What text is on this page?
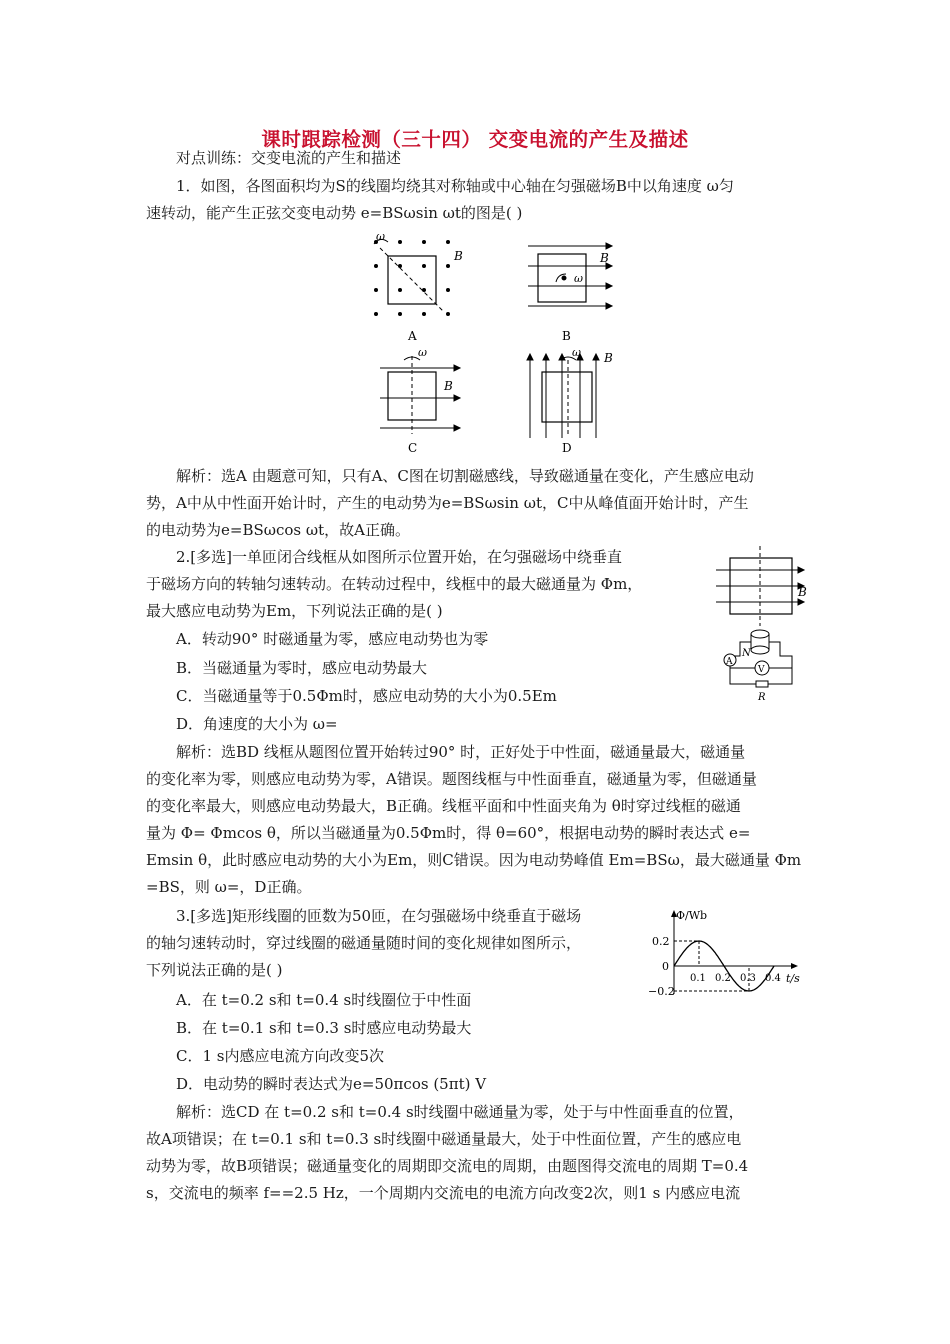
课时跟踪检测（三十四） 交变电流的产生及描述
对点训练：交变电流的产生和描述
1．如图，各图面积均为S的线圈均绕其对称轴或中心轴在匀强磁场B中以角速度 ω匀
速转动，能产生正弦交变电动势 e=BSωsin ωt的图是( )
ω
B
A
ω
B
B
ω
B
C
ω B
D
解析：选A 由题意可知，只有A、C图在切割磁感线，导致磁通量在变化，产生感应电动
势，A中从中性面开始计时，产生的电动势为e=BSωsin ωt，C中从峰值面开始计时，产生
的电动势为e=BSωcos ωt，故A正确。
2.[多选]一单匝闭合线框从如图所示位置开始，在匀强磁场中绕垂直
于磁场方向的转轴匀速转动。在转动过程中，线框中的最大磁通量为 Φm，
最大感应电动势为Em，下列说法正确的是( )
A．转动90° 时磁通量为零，感应电动势也为零
B．当磁通量为零时，感应电动势最大
C．当磁通量等于0.5Φm时，感应电动势的大小为0.5Em
D．角速度的大小为 ω=
B
A
V
N
R
解析：选BD 线框从题图位置开始转过90° 时，正好处于中性面，磁通量最大，磁通量
的变化率为零，则感应电动势为零，A错误。题图线框与中性面垂直，磁通量为零，但磁通量
的变化率最大，则感应电动势最大，B正确。线框平面和中性面夹角为 θ时穿过线框的磁通
量为 Φ= Φmcos θ，所以当磁通量为0.5Φm时，得 θ=60°，根据电动势的瞬时表达式 e=
Emsin θ，此时感应电动势的大小为Em，则C错误。因为电动势峰值 Em=BSω，最大磁通量 Φm
=BS，则 ω=，D正确。
3.[多选]矩形线圈的匝数为50匝，在匀强磁场中绕垂直于磁场
的轴匀速转动时，穿过线圈的磁通量随时间的变化规律如图所示，
下列说法正确的是( )
A．在 t=0.2 s和 t=0.4 s时线圈位于中性面
B．在 t=0.1 s和 t=0.3 s时感应电动势最大
C．1 s内感应电流方向改变5次
D．电动势的瞬时表达式为e=50πcos (5πt) V
Φ/Wb
t/s
0.2
0
−0.2
0.1 0.2 0.3 0.4
解析：选CD 在 t=0.2 s和 t=0.4 s时线圈中磁通量为零，处于与中性面垂直的位置，
故A项错误；在 t=0.1 s和 t=0.3 s时线圈中磁通量最大，处于中性面位置，产生的感应电
动势为零，故B项错误；磁通量变化的周期即交流电的周期，由题图得交流电的周期 T=0.4
s，交流电的频率 f==2.5 Hz，一个周期内交流电的电流方向改变2次，则1 s 内感应电流
